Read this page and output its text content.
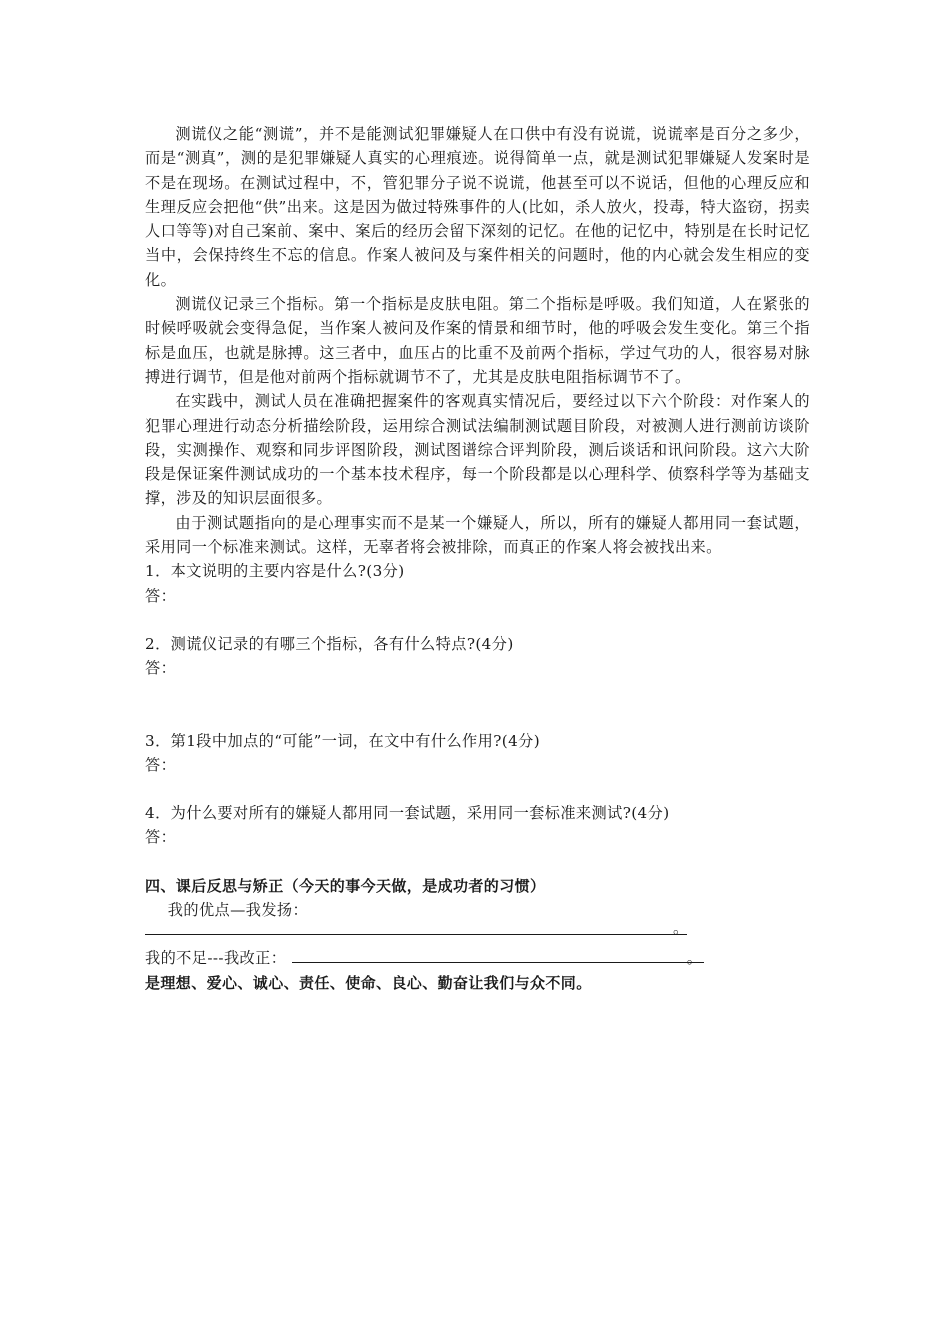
测谎仪之能“测谎”，并不是能测试犯罪嫌疑人在口供中有没有说谎，说谎率是百分之多少，而是“测真”，测的是犯罪嫌疑人真实的心理痕迹。说得简单一点，就是测试犯罪嫌疑人发案时是不是在现场。在测试过程中，不，管犯罪分子说不说谎，他甚至可以不说话，但他的心理反应和生理反应会把他“供”出来。这是因为做过特殊事件的人(比如，杀人放火，投毒，特大盗窃，拐卖人口等等)对自己案前、案中、案后的经历会留下深刻的记忆。在他的记忆中，特别是在长时记忆当中，会保持终生不忘的信息。作案人被问及与案件相关的问题时，他的内心就会发生相应的变化。

测谎仪记录三个指标。第一个指标是皮肤电阻。第二个指标是呼吸。我们知道，人在紧张的时候呼吸就会变得急促，当作案人被问及作案的情景和细节时，他的呼吸会发生变化。第三个指标是血压，也就是脉搏。这三者中，血压占的比重不及前两个指标，学过气功的人，很容易对脉搏进行调节，但是他对前两个指标就调节不了，尤其是皮肤电阻指标调节不了。

在实践中，测试人员在准确把握案件的客观真实情况后，要经过以下六个阶段：对作案人的犯罪心理进行动态分析描绘阶段，运用综合测试法编制测试题目阶段，对被测人进行测前访谈阶段，实测操作、观察和同步评图阶段，测试图谱综合评判阶段，测后谈话和讯问阶段。这六大阶段是保证案件测试成功的一个基本技术程序，每一个阶段都是以心理科学、侦察科学等为基础支撑，涉及的知识层面很多。

由于测试题指向的是心理事实而不是某一个嫌疑人，所以，所有的嫌疑人都用同一套试题，采用同一个标准来测试。这样，无辜者将会被排除，而真正的作案人将会被找出来。

1．本文说明的主要内容是什么?(3分)

答：

2．测谎仪记录的有哪三个指标，各有什么特点?(4分)

答：

3．第1段中加点的“可能”一词，在文中有什么作用?(4分)

答：

4．为什么要对所有的嫌疑人都用同一套试题，采用同一套标准来测试?(4分)

答：

四、课后反思与矫正（今天的事今天做，是成功者的习惯）

我的优点—我发扬：

。

我的不足---我改正：	。

是理想、爱心、诚心、责任、使命、良心、勤奋让我们与众不同。
